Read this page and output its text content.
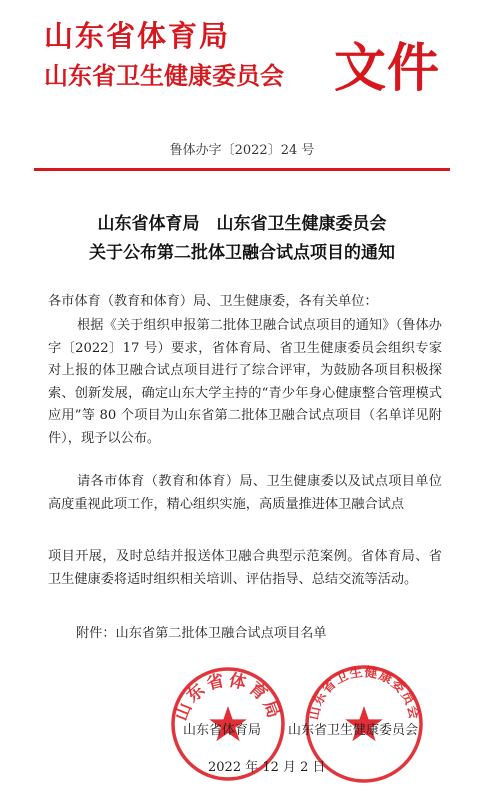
山东省体育局
山东省卫生健康委员会 文件
鲁体办字〔2022〕24 号
山东省体育局　山东省卫生健康委员会
关于公布第二批体卫融合试点项目的通知
各市体育（教育和体育）局、卫生健康委，各有关单位：
根据《关于组织申报第二批体卫融合试点项目的通知》（鲁体办字〔2022〕17 号）要求，省体育局、省卫生健康委员会组织专家对上报的体卫融合试点项目进行了综合评审，为鼓励各项目积极探索、创新发展，确定山东大学主持的“青少年身心健康整合管理模式应用”等 80 个项目为山东省第二批体卫融合试点项目（名单详见附件），现予以公布。
请各市体育（教育和体育）局、卫生健康委以及试点项目单位高度重视此项工作，精心组织实施，高质量推进体卫融合试点
项目开展，及时总结并报送体卫融合典型示范案例。省体育局、省卫生健康委将适时组织相关培训、评估指导、总结交流等活动。
附件：山东省第二批体卫融合试点项目名单
山东省体育局 山东省卫生健康委员会
山东省体育局 山东省卫生健康委员会
2022 年 12 月 2 日
